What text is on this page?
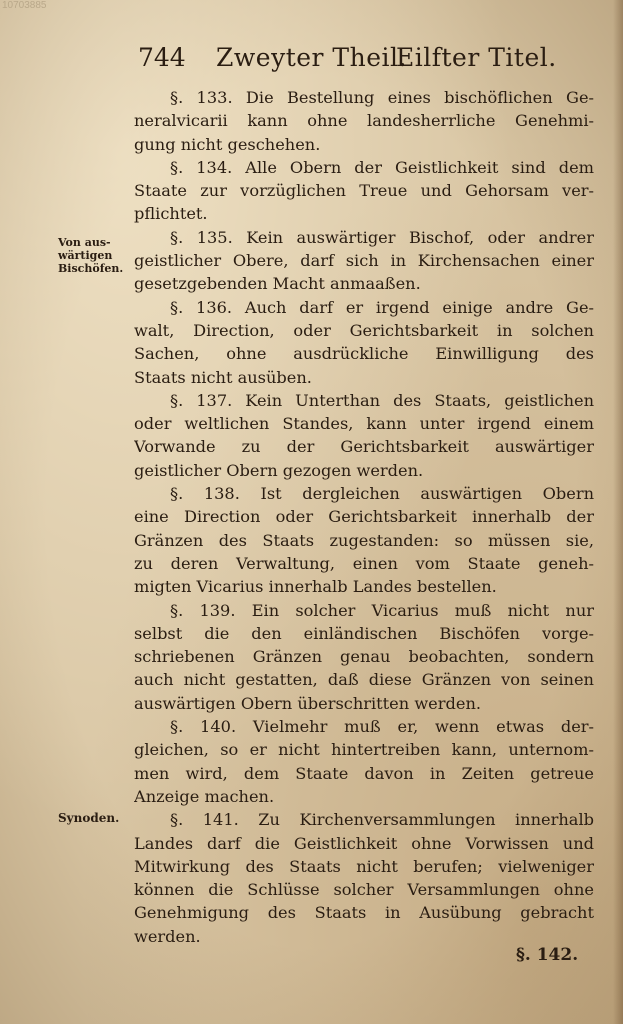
10703885
744 Zweyter Theil.
Eilfter Titel.
Von aus-
wärtigen
Bischöfen.
Synoden.
§. 133. Die Bestellung eines bischöflichen Ge-
neralvicarii kann ohne landesherrliche Genehmi-
gung nicht geschehen.
§. 134. Alle Obern der Geistlichkeit sind dem
Staate zur vorzüglichen Treue und Gehorsam ver-
pflichtet.
§. 135. Kein auswärtiger Bischof, oder andrer
geistlicher Obere, darf sich in Kirchensachen einer
gesetzgebenden Macht anmaaßen.
§. 136. Auch darf er irgend einige andre Ge-
walt, Direction, oder Gerichtsbarkeit in solchen
Sachen, ohne ausdrückliche Einwilligung des
Staats nicht ausüben.
§. 137. Kein Unterthan des Staats, geistlichen
oder weltlichen Standes, kann unter irgend einem
Vorwande zu der Gerichtsbarkeit auswärtiger
geistlicher Obern gezogen werden.
§. 138. Ist dergleichen auswärtigen Obern
eine Direction oder Gerichtsbarkeit innerhalb der
Gränzen des Staats zugestanden: so müssen sie,
zu deren Verwaltung, einen vom Staate geneh-
migten Vicarius innerhalb Landes bestellen.
§. 139. Ein solcher Vicarius muß nicht nur
selbst die den einländischen Bischöfen vorge-
schriebenen Gränzen genau beobachten, sondern
auch nicht gestatten, daß diese Gränzen von seinen
auswärtigen Obern überschritten werden.
§. 140. Vielmehr muß er, wenn etwas der-
gleichen, so er nicht hintertreiben kann, unternom-
men wird, dem Staate davon in Zeiten getreue
Anzeige machen.
§. 141. Zu Kirchenversammlungen innerhalb
Landes darf die Geistlichkeit ohne Vorwissen und
Mitwirkung des Staats nicht berufen; vielweniger
können die Schlüsse solcher Versammlungen ohne
Genehmigung des Staats in Ausübung gebracht
werden.
§. 142.
